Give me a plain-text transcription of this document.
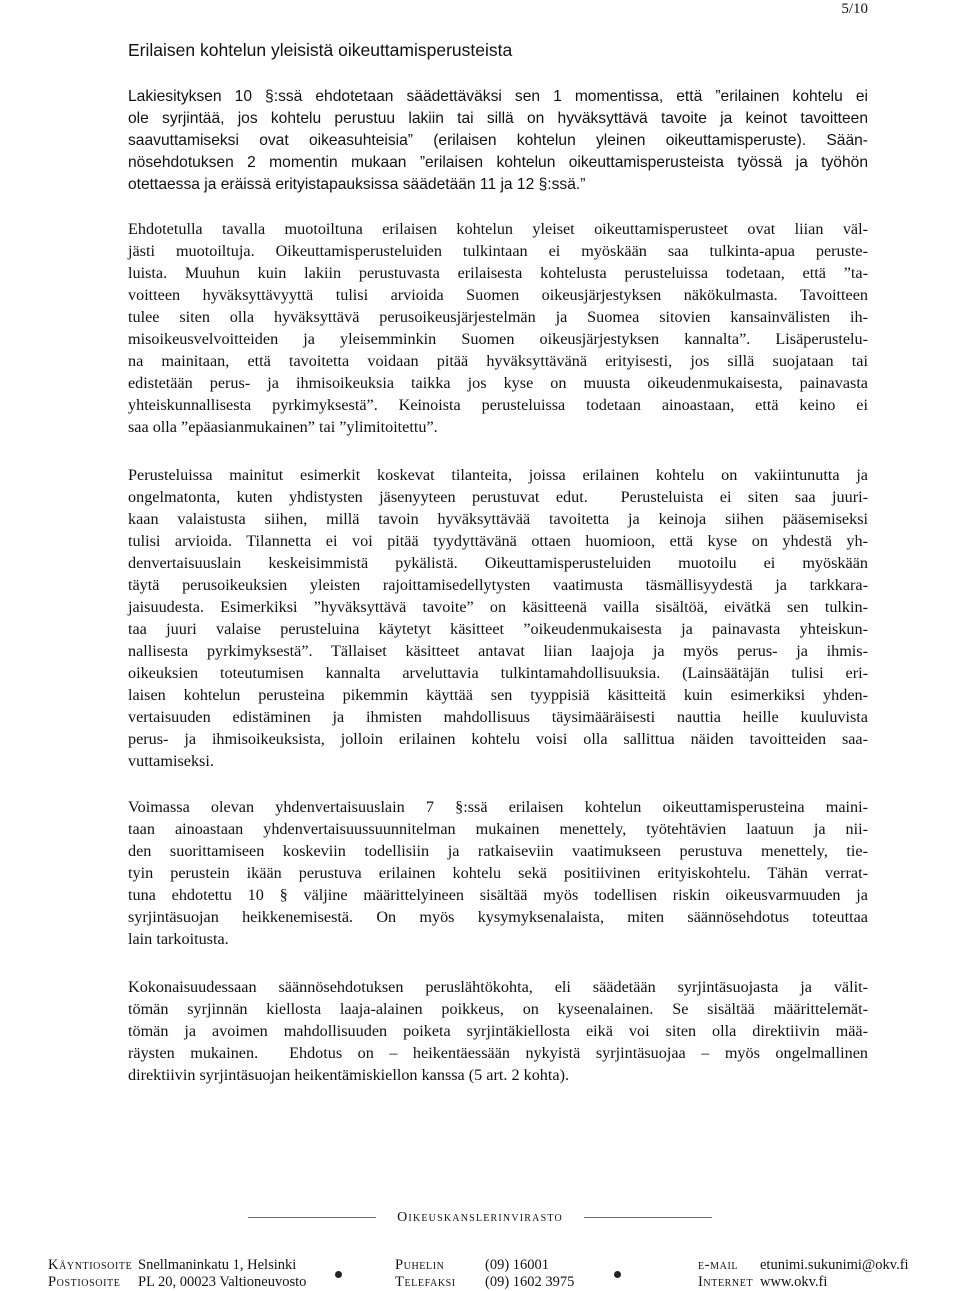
5/10
Erilaisen kohtelun yleisistä oikeuttamisperusteista
Lakiesityksen 10 §:ssä ehdotetaan säädettäväksi sen 1 momentissa, että ”erilainen kohtelu ei
ole syrjintää, jos kohtelu perustuu lakiin tai sillä on hyväksyttävä tavoite ja keinot tavoitteen
saavuttamiseksi ovat oikeasuhteisia” (erilaisen kohtelun yleinen oikeuttamisperuste). Sään-
nösehdotuksen 2 momentin mukaan ”erilaisen kohtelun oikeuttamisperusteista työssä ja työhön
otettaessa ja eräissä erityistapauksissa säädetään 11 ja 12 §:ssä.”
Ehdotetulla tavalla muotoiltuna erilaisen kohtelun yleiset oikeuttamisperusteet ovat liian väl-
jästi muotoiltuja. Oikeuttamisperusteluiden tulkintaan ei myöskään saa tulkinta-apua peruste-
luista. Muuhun kuin lakiin perustuvasta erilaisesta kohtelusta perusteluissa todetaan, että ”ta-
voitteen hyväksyttävyyttä tulisi arvioida Suomen oikeusjärjestyksen näkökulmasta. Tavoitteen
tulee siten olla hyväksyttävä perusoikeusjärjestelmän ja Suomea sitovien kansainvälisten ih-
misoikeusvelvoitteiden ja yleisemminkin Suomen oikeusjärjestyksen kannalta”. Lisäperustelu-
na mainitaan, että tavoitetta voidaan pitää hyväksyttävänä erityisesti, jos sillä suojataan tai
edistetään perus- ja ihmisoikeuksia taikka jos kyse on muusta oikeudenmukaisesta, painavasta
yhteiskunnallisesta pyrkimyksestä”. Keinoista perusteluissa todetaan ainoastaan, että keino ei
saa olla ”epäasianmukainen” tai ”ylimitoitettu”.
Perusteluissa mainitut esimerkit koskevat tilanteita, joissa erilainen kohtelu on vakiintunutta ja
ongelmatonta, kuten yhdistysten jäsenyyteen perustuvat edut.  Perusteluista ei siten saa juuri-
kaan valaistusta siihen, millä tavoin hyväksyttävää tavoitetta ja keinoja siihen pääsemiseksi
tulisi arvioida. Tilannetta ei voi pitää tyydyttävänä ottaen huomioon, että kyse on yhdestä yh-
denvertaisuuslain keskeisimmistä pykälistä. Oikeuttamisperusteluiden muotoilu ei myöskään
täytä perusoikeuksien yleisten rajoittamisedellytysten vaatimusta täsmällisyydestä ja tarkkara-
jaisuudesta. Esimerkiksi ”hyväksyttävä tavoite” on käsitteenä vailla sisältöä, eivätkä sen tulkin-
taa juuri valaise perusteluina käytetyt käsitteet ”oikeudenmukaisesta ja painavasta yhteiskun-
nallisesta pyrkimyksestä”. Tällaiset käsitteet antavat liian laajoja ja myös perus- ja ihmis-
oikeuksien toteutumisen kannalta arveluttavia tulkintamahdollisuuksia. (Lainsäätäjän tulisi eri-
laisen kohtelun perusteina pikemmin käyttää sen tyyppisiä käsitteitä kuin esimerkiksi yhden-
vertaisuuden edistäminen ja ihmisten mahdollisuus täysimääräisesti nauttia heille kuuluvista
perus- ja ihmisoikeuksista, jolloin erilainen kohtelu voisi olla sallittua näiden tavoitteiden saa-
vuttamiseksi.
Voimassa olevan yhdenvertaisuuslain 7 §:ssä erilaisen kohtelun oikeuttamisperusteina maini-
taan ainoastaan yhdenvertaisuussuunnitelman mukainen menettely, työtehtävien laatuun ja nii-
den suorittamiseen koskeviin todellisiin ja ratkaiseviin vaatimukseen perustuva menettely, tie-
tyin perustein ikään perustuva erilainen kohtelu sekä positiivinen erityiskohtelu. Tähän verrat-
tuna ehdotettu 10 § väljine määrittelyineen sisältää myös todellisen riskin oikeusvarmuuden ja
syrjintäsuojan heikkenemisestä. On myös kysymyksenalaista, miten säännösehdotus toteuttaa
lain tarkoitusta.
Kokonaisuudessaan säännösehdotuksen peruslähtökohta, eli säädetään syrjintäsuojasta ja välit-
tömän syrjinnän kiellosta laaja-alainen poikkeus, on kyseenalainen. Se sisältää määrittelemät-
tömän ja avoimen mahdollisuuden poiketa syrjintäkiellosta eikä voi siten olla direktiivin mää-
räysten mukainen.  Ehdotus on – heikentäessään nykyistä syrjintäsuojaa – myös ongelmallinen
direktiivin syrjintäsuojan heikentämiskiellon kanssa (5 art. 2 kohta).
Oikeuskanslerinvirasto
Käyntiosoite Snellmaninkatu 1, Helsinki	Puhelin	(09) 16001	e-mail etunimi.sukunimi@okv.fi
Postiosoite PL 20, 00023 Valtioneuvosto	Telefaksi (09) 1602 3975	Internet www.okv.fi
